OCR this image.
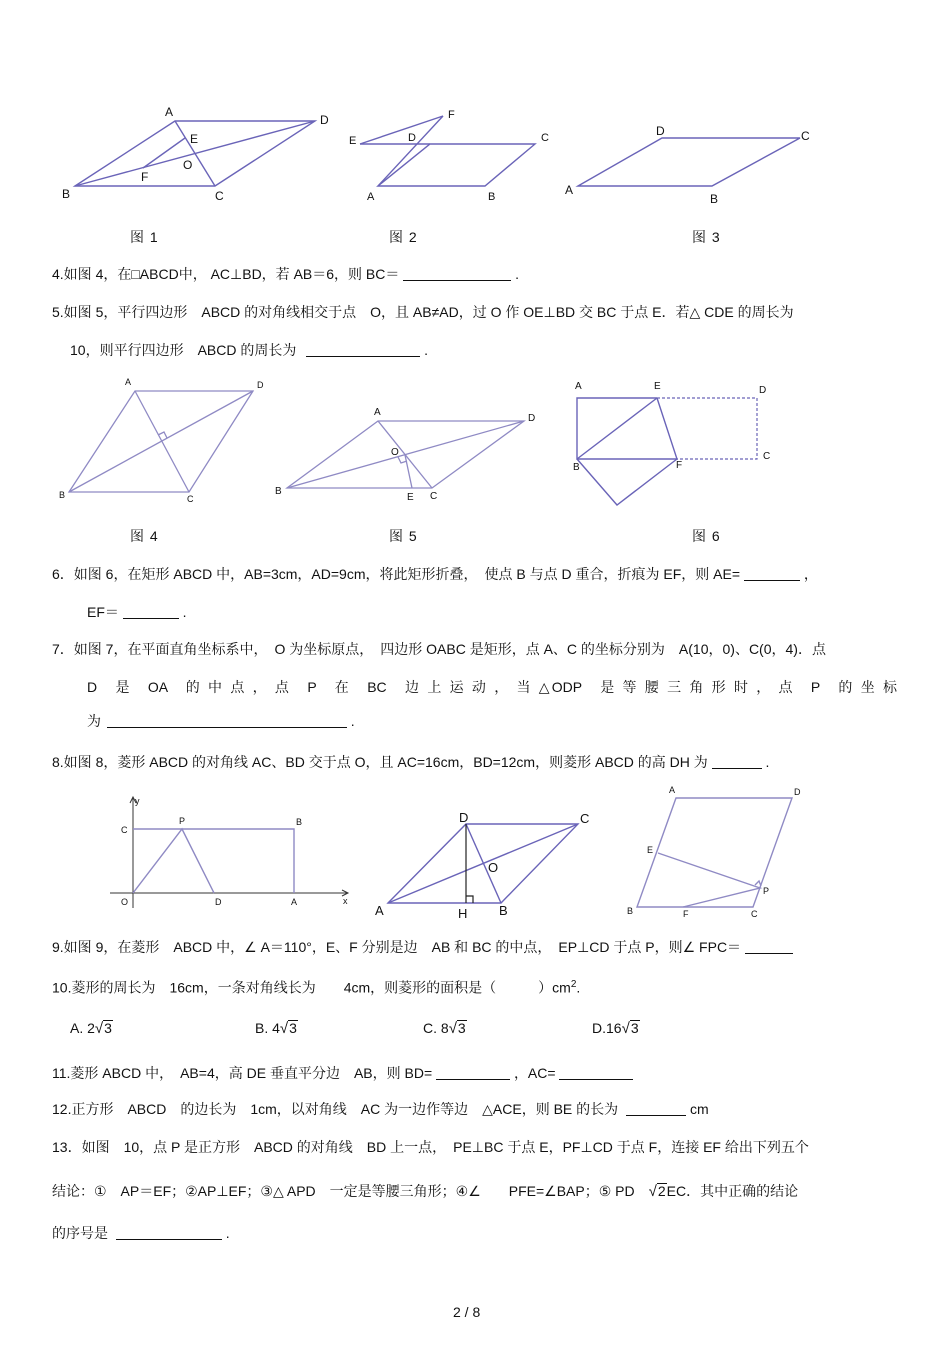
A
D
E
O
F
B	C
F
E	D	C
A	B
D	C
A
B
图 1	图 2	图 3
4.如图 4，在□ABCD中， AC⊥BD，若 AB＝6，则 BC＝	.
5.如图 5，平行四边形　ABCD 的对角线相交于点　O，且 AB≠AD，过 O 作 OE⊥BD 交 BC 于点 E．若△ CDE 的周长为
10，则平行四边形　ABCD 的周长为	.
A	D
B	C
A
D
O
B
E C
A	E	D
B	F
C
图 4	图 5	图 6
6．如图 6，在矩形 ABCD 中，AB=3cm，AD=9cm，将此矩形折叠，　使点 B 与点 D 重合，折痕为 EF，则 AE=	，
EF＝	.
7．如图 7，在平面直角坐标系中，　O 为坐标原点，　四边形 OABC 是矩形，点 A、C 的坐标分别为　A(10，0)、C(0，4)．点
D　是　OA　的 中 点 ， 点　P　在　BC　边 上 运 动 ， 当 △ODP　是 等 腰 三 角 形 时 ， 点　P　的 坐 标
为	.
8.如图 8，菱形 ABCD 的对角线 AC、BD 交于点 O，且 AC=16cm，BD=12cm，则菱形 ABCD 的高 DH 为	.
y
C
P	B
O	D	A	x
D	C
O
A	H B
A	D
E
P
B	F	C
9.如图 9，在菱形　ABCD 中，∠ A＝110°，E、F 分别是边　AB 和 BC 的中点，　EP⊥CD 于点 P，则∠ FPC＝
10.菱形的周长为　16cm，一条对角线长为　　4cm，则菱形的面积是（　　　）$cm^2$.
A. 2√3	B. 4√3	C. 8√3	D.16√3
11.菱形 ABCD 中，　AB=4，高 DE 垂直平分边　AB，则 BD=	，AC=
12.正方形　ABCD　的边长为　1cm，以对角线　AC 为一边作等边　△ACE，则 BE 的长为	cm
13．如图　10，点 P 是正方形　ABCD 的对角线　BD 上一点，　PE⊥BC 于点 E，PF⊥CD 于点 F，连接 EF 给出下列五个
结论：①　AP＝EF；②AP⊥EF；③△ APD　一定是等腰三角形；④∠　　PFE=∠BAP；⑤ PD　√2EC．其中正确的结论
的序号是	.
2 / 8
